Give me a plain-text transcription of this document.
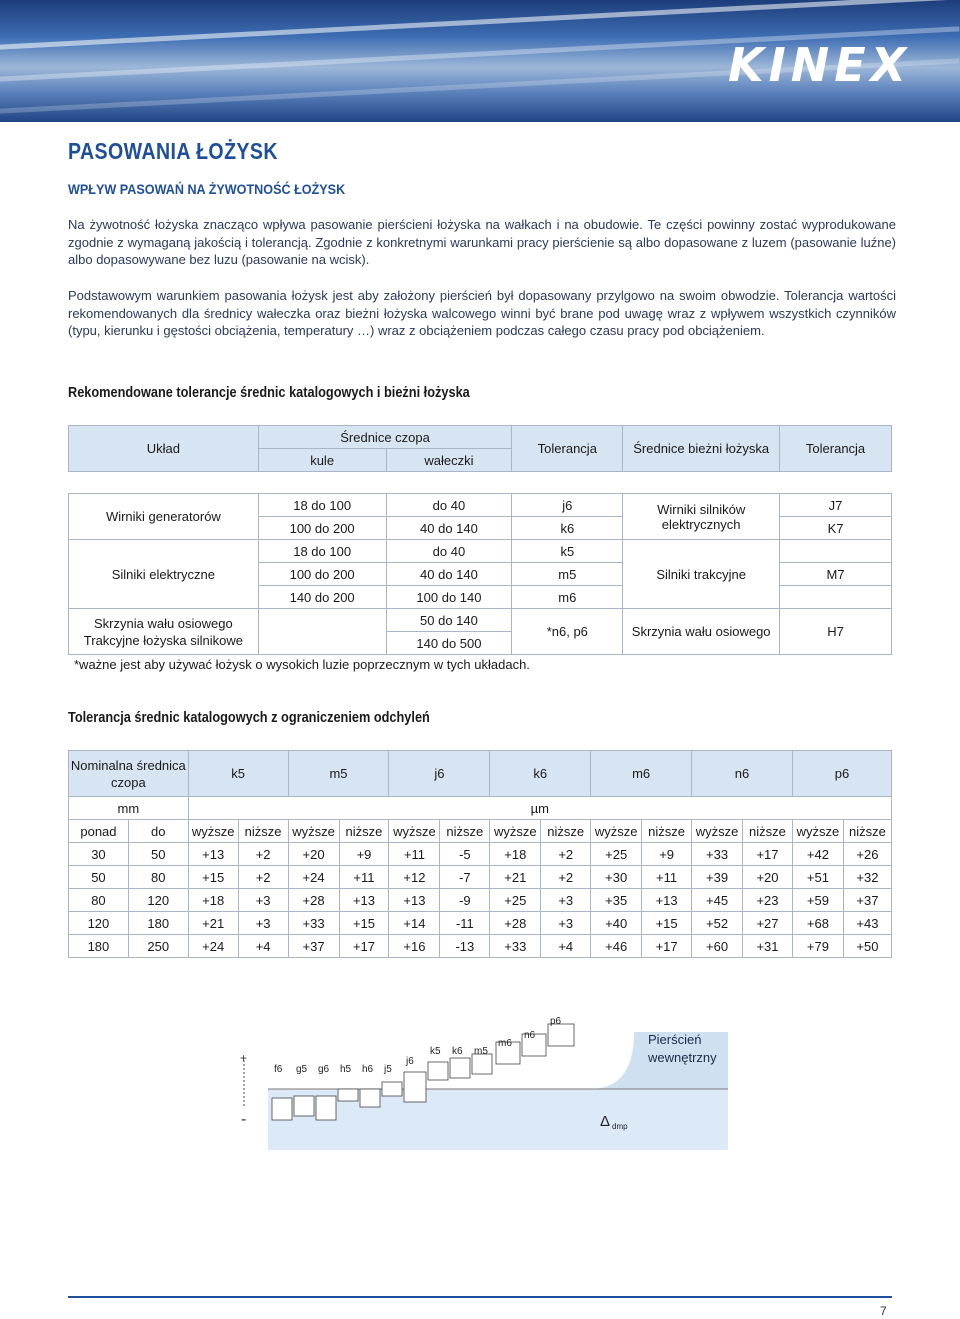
KINEX
PASOWANIA ŁOŻYSK
WPŁYW PASOWAŃ NA ŻYWOTNOŚĆ ŁOŻYSK
Na żywotność łożyska znacząco wpływa pasowanie pierścieni łożyska na wałkach i na obudowie. Te części powinny zostać wyprodukowane zgodnie z wymaganą jakością i tolerancją. Zgodnie z konkretnymi warunkami pracy pierścienie są albo dopasowane z luzem (pasowanie luźne) albo dopasowywane bez luzu (pasowanie na wcisk).
Podstawowym warunkiem pasowania łożysk jest aby założony pierścień był dopasowany przylgowo na swoim obwodzie. Tolerancja wartości rekomendowanych dla średnicy wałeczka oraz bieżni łożyska walcowego winni być brane pod uwagę wraz z wpływem wszystkich czynników (typu, kierunku i gęstości obciążenia, temperatury …) wraz z obciążeniem podczas całego czasu pracy pod obciążeniem.
Rekomendowane tolerancje średnic katalogowych i bieżni łożyska
Układ	Średnice czopa		Tolerancja	Średnice bieżni łożyska	Tolerancja
	kule	wałeczki			

Wirniki generatorów	18 do 100	do 40	j6	Wirniki silników elektrycznych	J7
	100 do 200	40 do 140	k6		K7
Silniki elektryczne	18 do 100	do 40	k5	Silniki trakcyjne	
	100 do 200	40 do 140	m5		M7
	140 do 200	100 do 140	m6		
Skrzynia wału osiowego
Trakcyjne łożyska silnikowe		50 do 140	*n6, p6	Skrzynia wału osiowego	H7
		140 do 500			
*ważne jest aby używać łożysk o wysokich luzie poprzecznym w tych układach.
Tolerancja średnic katalogowych z ograniczeniem odchyleń
Nominalna średnica czopa		k5		m5		j6		k6		m6		n6		p6	
mm		µm													
ponad	do	wyższe	niższe	wyższe	niższe	wyższe	niższe	wyższe	niższe	wyższe	niższe	wyższe	niższe	wyższe	niższe
30	50	+13	+2	+20	+9	+11	-5	+18	+2	+25	+9	+33	+17	+42	+26
50	80	+15	+2	+24	+11	+12	-7	+21	+2	+30	+11	+39	+20	+51	+32
80	120	+18	+3	+28	+13	+13	-9	+25	+3	+35	+13	+45	+23	+59	+37
120	180	+21	+3	+33	+15	+14	-11	+28	+3	+40	+15	+52	+27	+68	+43
180	250	+24	+4	+37	+17	+16	-13	+33	+4	+46	+17	+60	+31	+79	+50
+
-
f6 g5 g6 h5 h6 j5
j6
k5 k6 m5
m6
n6
p6
Pierścień
wewnętrzny
Δ dmp
7
